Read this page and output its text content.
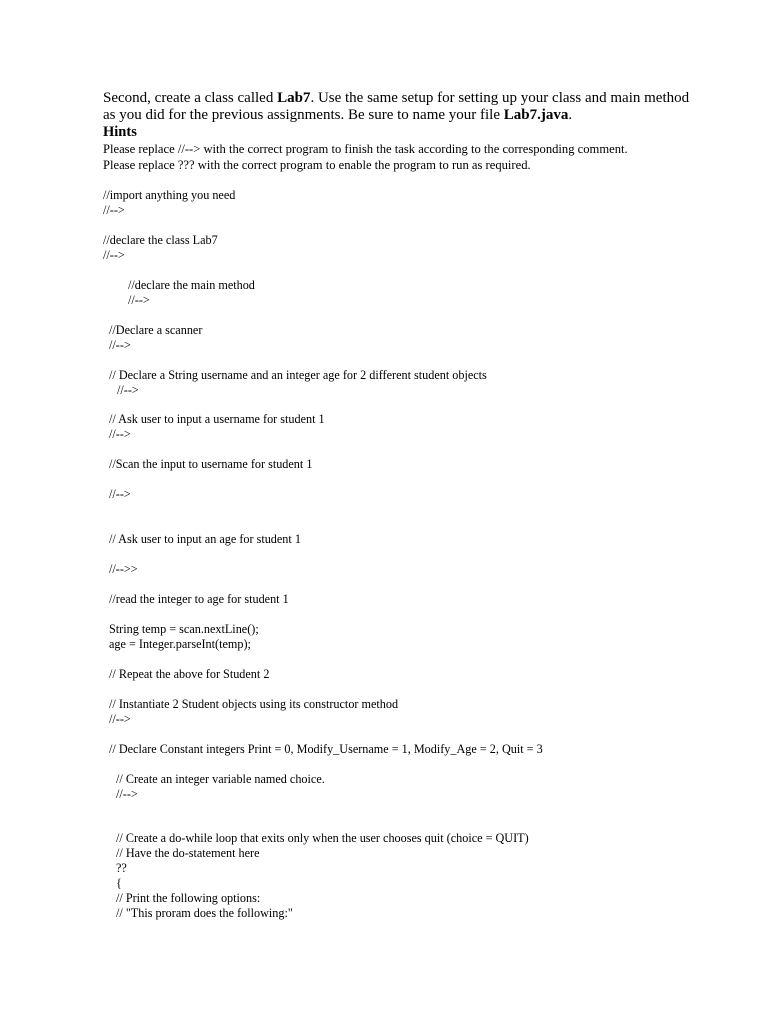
Second, create a class called Lab7. Use the same setup for setting up your class and main method as you did for the previous assignments. Be sure to name your file Lab7.java.

Hints

Please replace //--> with the correct program to finish the task according to the corresponding comment.

Please replace ??? with the correct program to enable the program to run as required.

//import anything you need

//-->

//declare the class Lab7

//-->

//declare the main method

//-->

//Declare a scanner

//-->

// Declare a String username and an integer age for 2 different student objects

//-->

// Ask user to input a username for student 1

//-->

//Scan the input to username for student 1

//-->

// Ask user to input an age for student 1

//-->>

//read the integer to age for student 1

String temp = scan.nextLine();

age = Integer.parseInt(temp);

// Repeat the above for Student 2

// Instantiate 2 Student objects using its constructor method

//-->

// Declare Constant integers Print = 0, Modify_Username = 1, Modify_Age = 2, Quit = 3

// Create an integer variable named choice.

//-->

// Create a do-while loop that exits only when the user chooses quit (choice = QUIT)

// Have the do-statement here

??

{

// Print the following options:

// "This proram does the following:"
